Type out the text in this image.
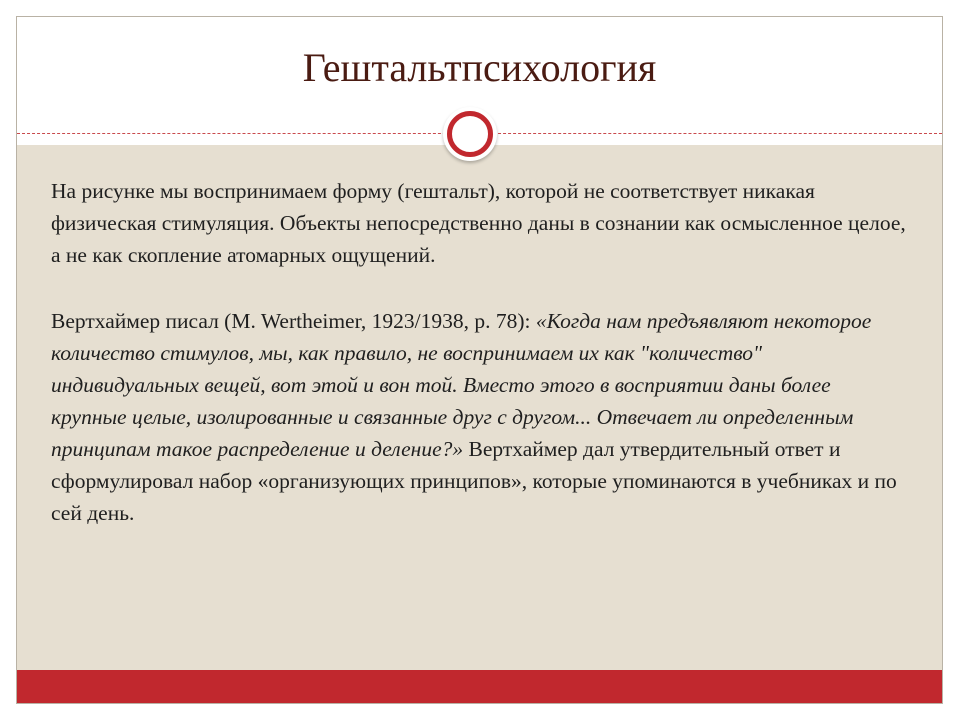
Гештальтпсихология

На рисунке мы воспринимаем форму (гештальт), которой не соответствует никакая физическая стимуляция. Объекты непосредственно даны в сознании как осмысленное целое, а не как скопление атомарных ощущений.

Вертхаймер писал (M. Wertheimer, 1923/1938, p. 78): «Когда нам предъявляют некоторое количество стимулов, мы, как правило, не воспринимаем их как "количество" индивидуальных вещей, вот этой и вон той. Вместо этого в восприятии даны более крупные целые, изолированные и связанные друг с другом... Отвечает ли определенным принципам такое распределение и деление?» Вертхаймер дал утвердительный ответ и сформулировал набор «организующих принципов», которые упоминаются в учебниках и по сей день.
